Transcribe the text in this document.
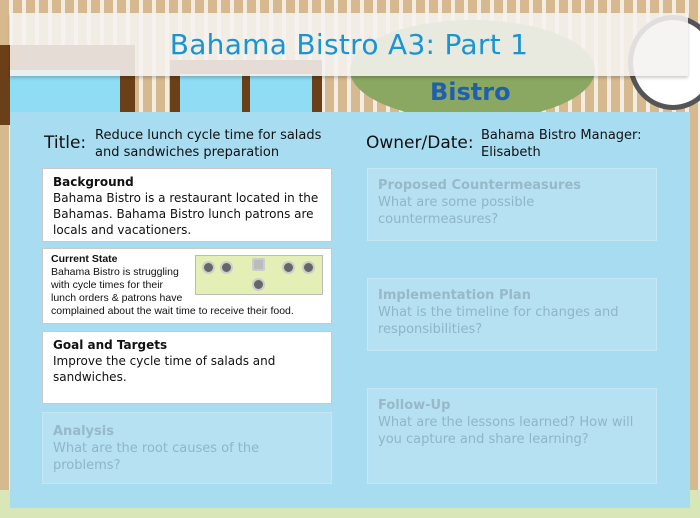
Bistro
Bahama Bistro A3: Part 1
Title: Reduce lunch cycle time for salads and sandwiches preparation	Owner/Date: Bahama Bistro Manager: Elisabeth
Background
Bahama Bistro is a restaurant located in the Bahamas. Bahama Bistro lunch patrons are locals and vacationers.
Current State
Bahama Bistro is struggling with cycle times for their lunch orders & patrons have complained about the wait time to receive their food.
Goal and Targets
Improve the cycle time of salads and sandwiches.
Analysis
What are the root causes of the problems?
Proposed Countermeasures
What are some possible countermeasures?
Implementation Plan
What is the timeline for changes and responsibilities?
Follow-Up
What are the lessons learned? How will you capture and share learning?
